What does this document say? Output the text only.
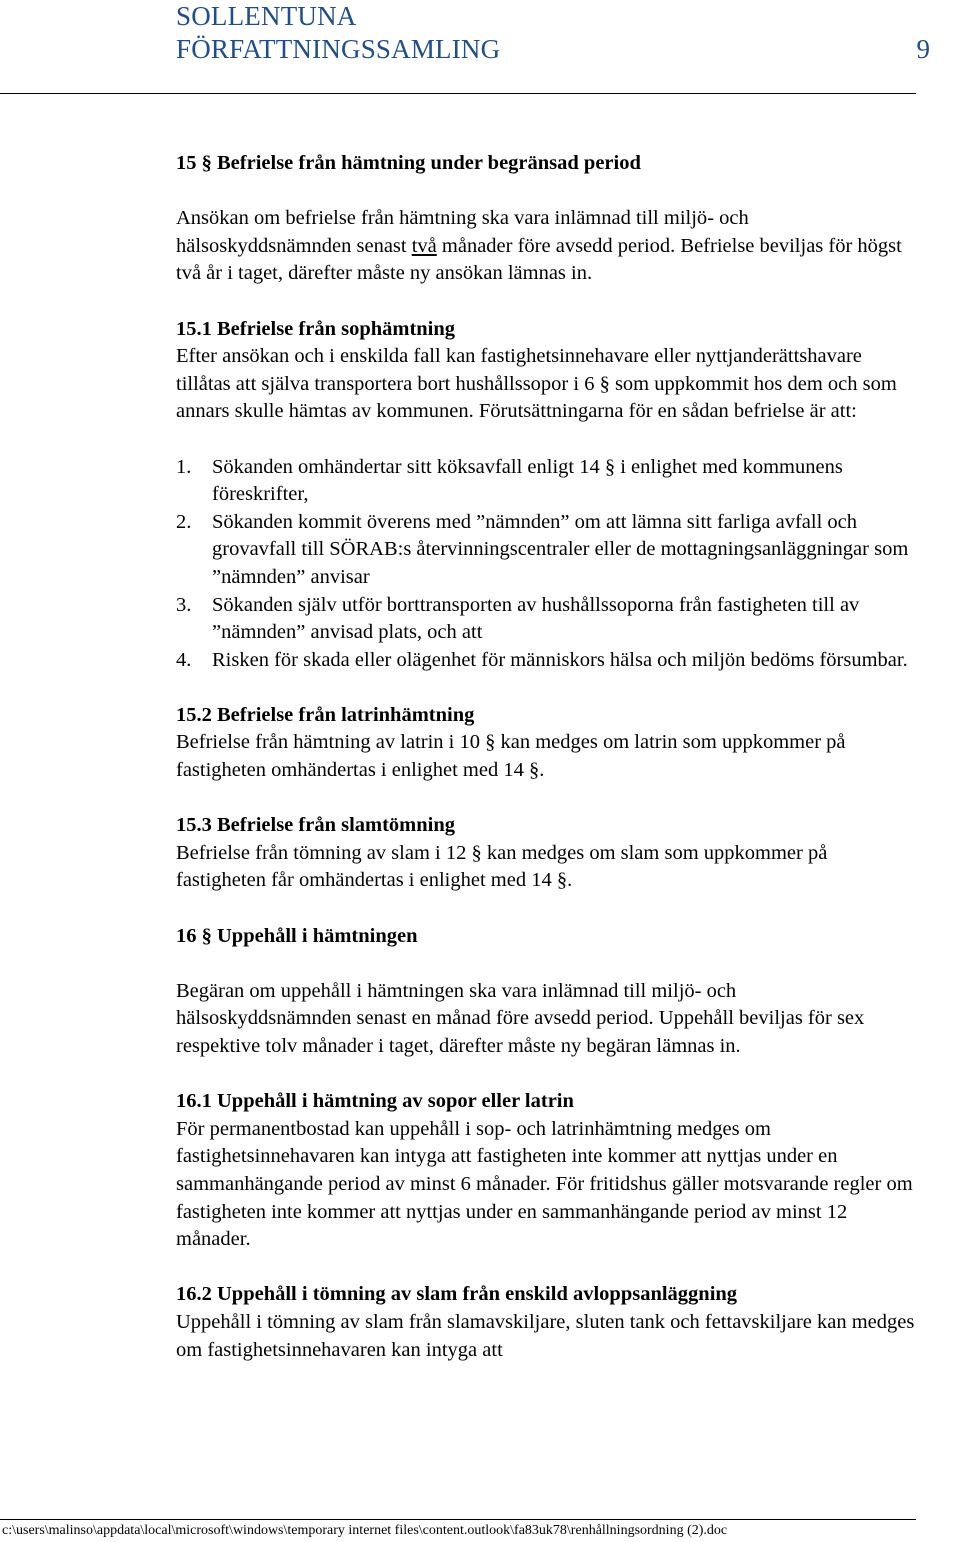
SOLLENTUNA
FÖRFATTNINGSSAMLING	9

15 § Befrielse från hämtning under begränsad period

Ansökan om befrielse från hämtning ska vara inlämnad till miljö- och hälsoskyddsnämnden senast två månader före avsedd period. Befrielse beviljas för högst två år i taget, därefter måste ny ansökan lämnas in.

15.1 Befrielse från sophämtning

Efter ansökan och i enskilda fall kan fastighetsinnehavare eller nyttjanderättshavare tillåtas att själva transportera bort hushållssopor i 6 § som uppkommit hos dem och som annars skulle hämtas av kommunen. Förutsättningarna för en sådan befrielse är att:

1. Sökanden omhändertar sitt köksavfall enligt 14 § i enlighet med kommunens föreskrifter,
2. Sökanden kommit överens med ”nämnden” om att lämna sitt farliga avfall och grovavfall till SÖRAB:s återvinningscentraler eller de mottagningsanläggningar som ”nämnden” anvisar
3. Sökanden själv utför borttransporten av hushållssoporna från fastigheten till av ”nämnden” anvisad plats, och att
4. Risken för skada eller olägenhet för människors hälsa och miljön bedöms försumbar.

15.2 Befrielse från latrinhämtning

Befrielse från hämtning av latrin i 10 § kan medges om latrin som uppkommer på fastigheten omhändertas i enlighet med 14 §.

15.3 Befrielse från slamtömning

Befrielse från tömning av slam i 12 § kan medges om slam som uppkommer på fastigheten får omhändertas i enlighet med 14 §.

16 § Uppehåll i hämtningen

Begäran om uppehåll i hämtningen ska vara inlämnad till miljö- och hälsoskyddsnämnden senast en månad före avsedd period. Uppehåll beviljas för sex respektive tolv månader i taget, därefter måste ny begäran lämnas in.

16.1 Uppehåll i hämtning av sopor eller latrin

För permanentbostad kan uppehåll i sop- och latrinhämtning medges om fastighetsinnehavaren kan intyga att fastigheten inte kommer att nyttjas under en sammanhängande period av minst 6 månader. För fritidshus gäller motsvarande regler om fastigheten inte kommer att nyttjas under en sammanhängande period av minst 12 månader.

16.2 Uppehåll i tömning av slam från enskild avloppsanläggning

Uppehåll i tömning av slam från slamavskiljare, sluten tank och fettavskiljare kan medges om fastighetsinnehavaren kan intyga att

c:\users\malinso\appdata\local\microsoft\windows\temporary internet files\content.outlook\fa83uk78\renhållningsordning (2).doc
